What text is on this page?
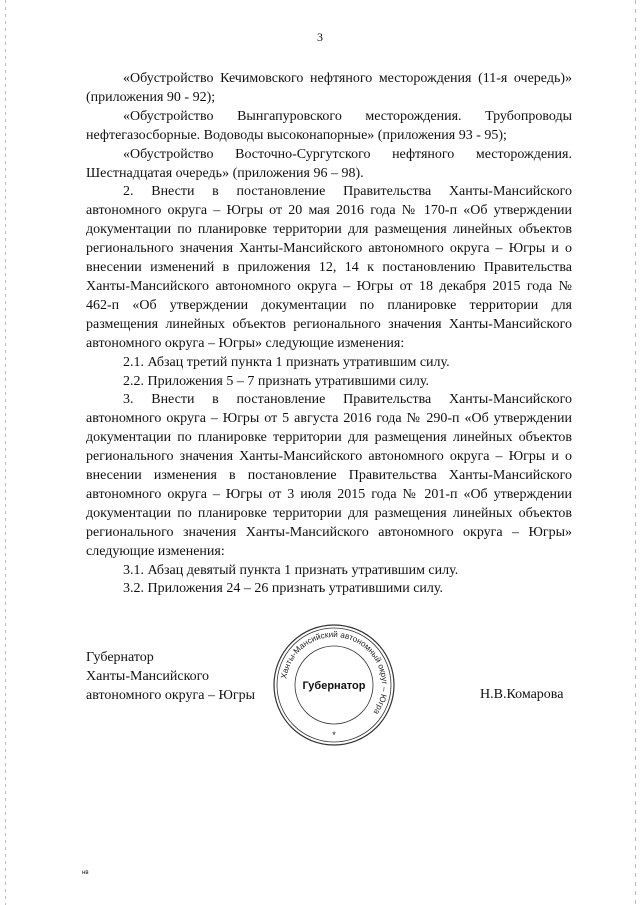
3

«Обустройство Кечимовского нефтяного месторождения (11-я очередь)» (приложения 90 - 92);

«Обустройство Вынгапуровского месторождения. Трубопроводы нефтегазосборные. Водоводы высоконапорные» (приложения 93 - 95);

«Обустройство Восточно-Сургутского нефтяного месторождения. Шестнадцатая очередь» (приложения 96 – 98).

2. Внести в постановление Правительства Ханты-Мансийского автономного округа – Югры от 20 мая 2016 года № 170-п «Об утверждении документации по планировке территории для размещения линейных объектов регионального значения Ханты-Мансийского автономного округа – Югры и о внесении изменений в приложения 12, 14 к постановлению Правительства Ханты-Мансийского автономного округа – Югры от 18 декабря 2015 года № 462-п «Об утверждении документации по планировке территории для размещения линейных объектов регионального значения Ханты-Мансийского автономного округа – Югры» следующие изменения:

2.1. Абзац третий пункта 1 признать утратившим силу.

2.2. Приложения 5 – 7 признать утратившими силу.

3. Внести в постановление Правительства Ханты-Мансийского автономного округа – Югры от 5 августа 2016 года № 290-п «Об утверждении документации по планировке территории для размещения линейных объектов регионального значения Ханты-Мансийского автономного округа – Югры и о внесении изменения в постановление Правительства Ханты-Мансийского автономного округа – Югры от 3 июля 2015 года № 201-п «Об утверждении документации по планировке территории для размещения линейных объектов регионального значения Ханты-Мансийского автономного округа – Югры» следующие изменения:

3.1. Абзац девятый пункта 1 признать утратившим силу.

3.2. Приложения 24 – 26 признать утратившими силу.

Губернатор
Ханты-Мансийского
автономного округа – Югры	Н.В.Комарова
Ханты-Мансийский автономный округ – Югра
Губернатор
*
нв
